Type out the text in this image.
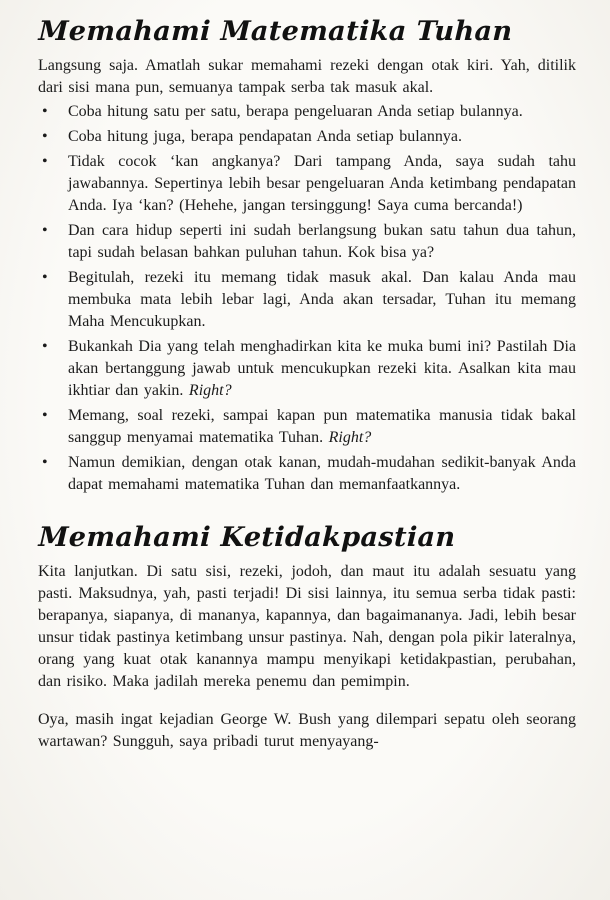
Memahami Matematika Tuhan

Langsung saja. Amatlah sukar memahami rezeki dengan otak kiri. Yah, ditilik dari sisi mana pun, semuanya tampak serba tak masuk akal.

• Coba hitung satu per satu, berapa pengeluaran Anda setiap bulannya.
• Coba hitung juga, berapa pendapatan Anda setiap bulannya.
• Tidak cocok ‘kan angkanya? Dari tampang Anda, saya sudah tahu jawabannya. Sepertinya lebih besar pengeluaran Anda ketimbang pendapatan Anda. Iya ‘kan? (Hehehe, jangan tersinggung! Saya cuma bercanda!)
• Dan cara hidup seperti ini sudah berlangsung bukan satu tahun dua tahun, tapi sudah belasan bahkan puluhan tahun. Kok bisa ya?
• Begitulah, rezeki itu memang tidak masuk akal. Dan kalau Anda mau membuka mata lebih lebar lagi, Anda akan tersadar, Tuhan itu memang Maha Mencukupkan.
• Bukankah Dia yang telah menghadirkan kita ke muka bumi ini? Pastilah Dia akan bertanggung jawab untuk mencukupkan rezeki kita. Asalkan kita mau ikhtiar dan yakin. Right?
• Memang, soal rezeki, sampai kapan pun matematika manusia tidak bakal sanggup menyamai matematika Tuhan. Right?
• Namun demikian, dengan otak kanan, mudah-mudahan sedikit-banyak Anda dapat memahami matematika Tuhan dan memanfaatkannya.
Memahami Ketidakpastian

Kita lanjutkan. Di satu sisi, rezeki, jodoh, dan maut itu adalah sesuatu yang pasti. Maksudnya, yah, pasti terjadi! Di sisi lainnya, itu semua serba tidak pasti: berapanya, siapanya, di mananya, kapannya, dan bagaimananya. Jadi, lebih besar unsur tidak pastinya ketimbang unsur pastinya. Nah, dengan pola pikir lateralnya, orang yang kuat otak kanannya mampu menyikapi ketidakpastian, perubahan, dan risiko. Maka jadilah mereka penemu dan pemimpin.

Oya, masih ingat kejadian George W. Bush yang dilempari sepatu oleh seorang wartawan? Sungguh, saya pribadi turut menyayang-
